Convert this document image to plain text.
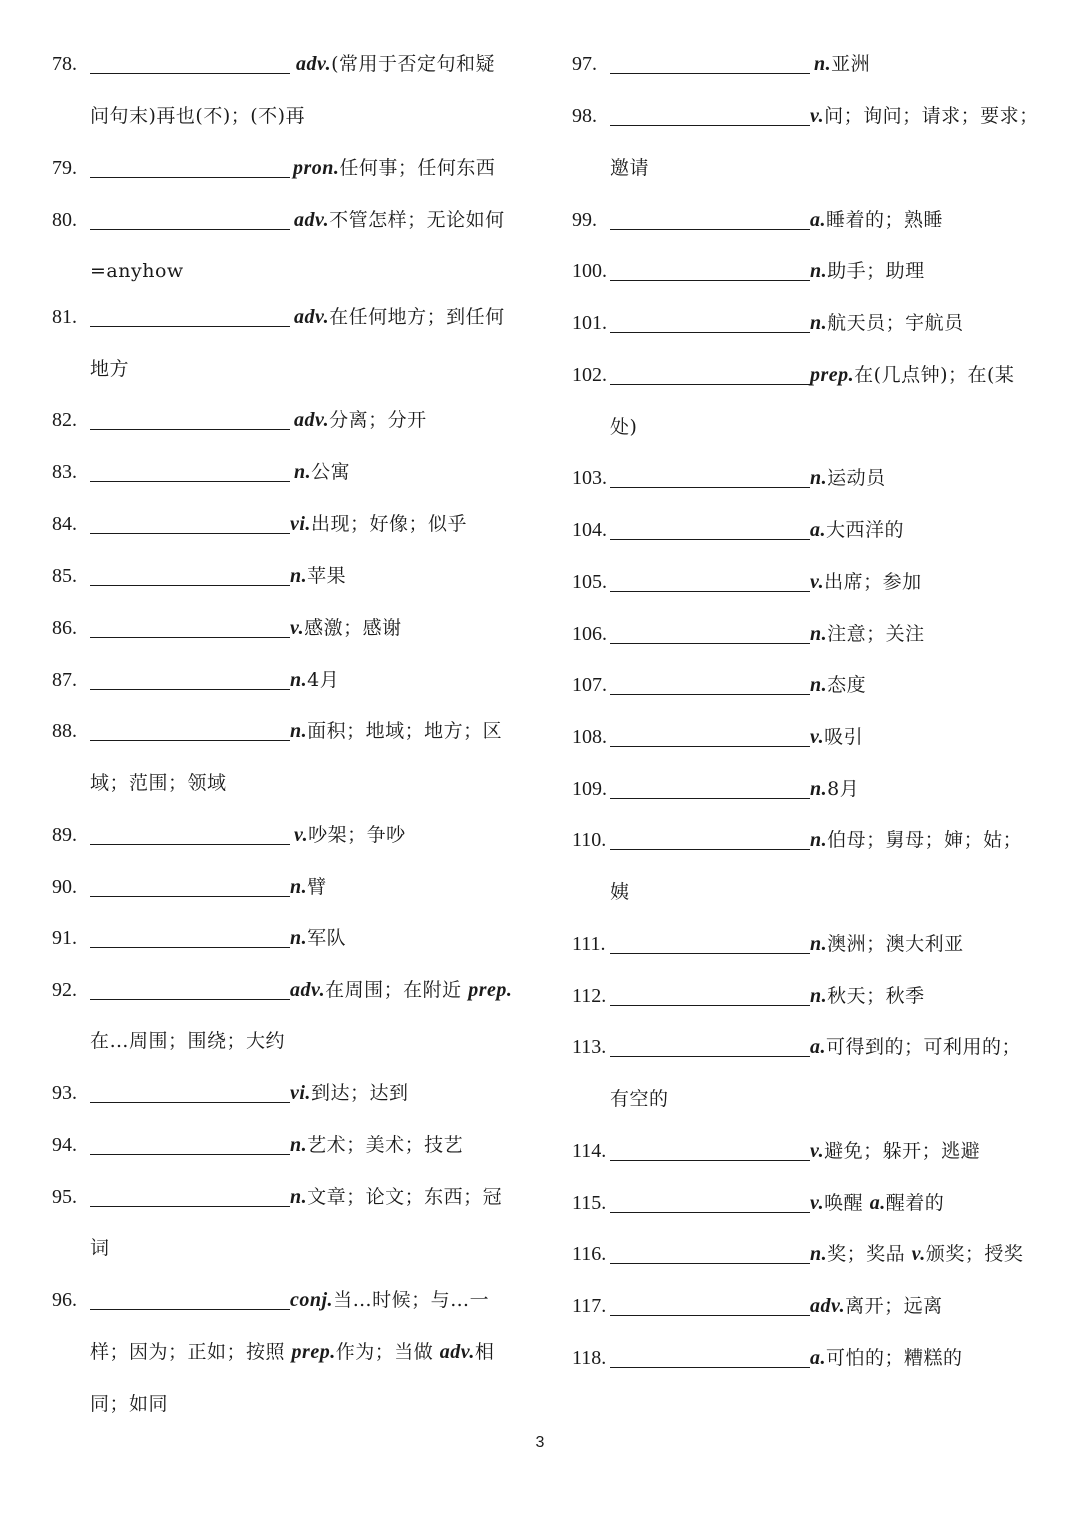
78.	adv.(常用于否定句和疑
问句末)再也(不)；(不)再
79.	pron.任何事；任何东西
80.	adv.不管怎样；无论如何
=anyhow
81.	adv.在任何地方；到任何
地方
82.	adv.分离；分开
83.	n.公寓
84.	vi.出现；好像；似乎
85.	n.苹果
86.	v.感激；感谢
87.	n.4月
88.	n.面积；地域；地方；区
域；范围；领域
89.	v.吵架；争吵
90.	n.臂
91.	n.军队
92.	adv.在周围；在附近 prep.
在…周围；围绕；大约
93.	vi.到达；达到
94.	n.艺术；美术；技艺
95.	n.文章；论文；东西；冠
词
96.	conj.当…时候；与…一
样；因为；正如；按照 prep.作为；当做 adv.相
同；如同
97.	n.亚洲
98.	v.问；询问；请求；要求；
邀请
99.	a.睡着的；熟睡
100.	n.助手；助理
101.	n.航天员；宇航员
102.	prep.在(几点钟)；在(某
处)
103.	n.运动员
104.	a.大西洋的
105.	v.出席；参加
106.	n.注意；关注
107.	n.态度
108.	v.吸引
109.	n.8月
110.	n.伯母；舅母；婶；姑；
姨
111.	n.澳洲；澳大利亚
112.	n.秋天；秋季
113.	a.可得到的；可利用的；
有空的
114.	v.避免；躲开；逃避
115.	v.唤醒 a.醒着的
116.	n.奖；奖品 v.颁奖；授奖
117.	adv.离开；远离
118.	a.可怕的；糟糕的
3
